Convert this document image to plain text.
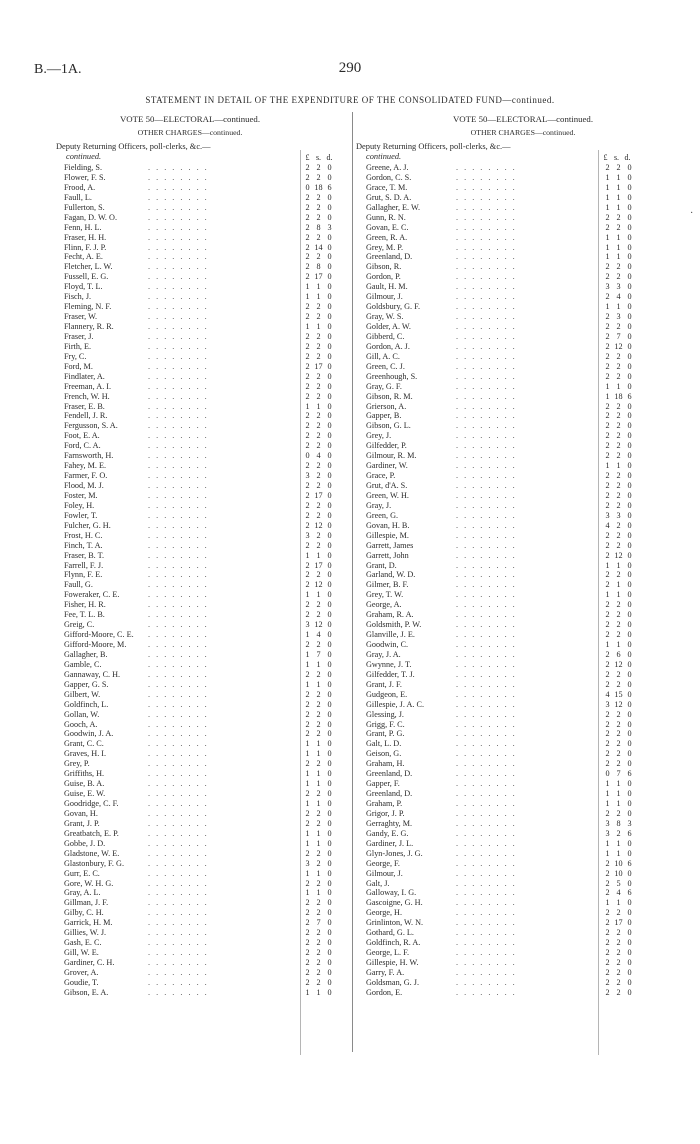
B.—1A.	290
STATEMENT IN DETAIL OF THE EXPENDITURE OF THE CONSOLIDATED FUND—continued.
VOTE 50—ELECTORAL—continued.
OTHER CHARGES—continued.
Deputy Returning Officers, poll-clerks, &c.—
continued.	£ s. d.
VOTE 50—ELECTORAL—continued.
OTHER CHARGES—continued.
Deputy Returning Officers, poll-clerks, &c.—
continued.	£ s. d.
Fielding, S.	. . . . . . . .	2 2 0
Flower, F. S.	. . . . . . . .	2 2 0
Frood, A.	. . . . . . . .	0 18 6
Faull, L.	. . . . . . . .	2 2 0
Fullerton, S.	. . . . . . . .	2 2 0
Fagan, D. W. O.	. . . . . . . .	2 2 0
Fenn, H. L.	. . . . . . . .	2 8 3
Fraser, H. H.	. . . . . . . .	2 2 0
Flinn, F. J. P.	. . . . . . . .	2 14 0
Fecht, A. E.	. . . . . . . .	2 2 0
Fletcher, L. W.	. . . . . . . .	2 8 0
Fussell, E. G.	. . . . . . . .	2 17 0
Floyd, T. L.	. . . . . . . .	1 1 0
Fisch, J.	. . . . . . . .	1 1 0
Fleming, N. F.	. . . . . . . .	2 2 0
Fraser, W.	. . . . . . . .	2 2 0
Flannery, R. R.	. . . . . . . .	1 1 0
Fraser, J.	. . . . . . . .	2 2 0
Firth, E.	. . . . . . . .	2 2 0
Fry, C.	. . . . . . . .	2 2 0
Ford, M.	. . . . . . . .	2 17 0
Findlater, A.	. . . . . . . .	2 2 0
Freeman, A. I.	. . . . . . . .	2 2 0
French, W. H.	. . . . . . . .	2 2 0
Fraser, E. B.	. . . . . . . .	1 1 0
Fendell, J. R.	. . . . . . . .	2 2 0
Fergusson, S. A.	. . . . . . . .	2 2 0
Foot, E. A.	. . . . . . . .	2 2 0
Ford, C. A.	. . . . . . . .	2 2 0
Farnsworth, H.	. . . . . . . .	0 4 0
Fahey, M. E.	. . . . . . . .	2 2 0
Farmer, F. O.	. . . . . . . .	3 2 0
Flood, M. J.	. . . . . . . .	2 2 0
Foster, M.	. . . . . . . .	2 17 0
Foley, H.	. . . . . . . .	2 2 0
Fowler, T.	. . . . . . . .	2 2 0
Fulcher, G. H.	. . . . . . . .	2 12 0
Frost, H. C.	. . . . . . . .	3 2 0
Finch, T. A.	. . . . . . . .	2 2 0
Fraser, B. T.	. . . . . . . .	1 1 0
Farrell, F. J.	. . . . . . . .	2 17 0
Flynn, F. E.	. . . . . . . .	2 2 0
Faull, G.	. . . . . . . .	2 12 0
Foweraker, C. E.	. . . . . . . .	1 1 0
Fisher, H. R.	. . . . . . . .	2 2 0
Fee, T. L. B.	. . . . . . . .	2 2 0
Greig, C.	. . . . . . . .	3 12 0
Gifford-Moore, C. E. . . . . . . . .	1 4 0
Gifford-Moore, M.	. . . . . . . .	2 2 0
Gallagher, B.	. . . . . . . .	1 7 0
Gamble, C.	. . . . . . . .	1 1 0
Gannaway, C. H.	. . . . . . . .	2 2 0
Gapper, G. S.	. . . . . . . .	1 1 0
Gilbert, W.	. . . . . . . .	2 2 0
Goldfinch, L.	. . . . . . . .	2 2 0
Gollan, W.	. . . . . . . .	2 2 0
Gooch, A.	. . . . . . . .	2 2 0
Goodwin, J. A.	. . . . . . . .	2 2 0
Grant, C. C.	. . . . . . . .	1 1 0
Graves, H. I.	. . . . . . . .	1 1 0
Grey, P.	. . . . . . . .	2 2 0
Griffiths, H.	. . . . . . . .	1 1 0
Guise, B. A.	. . . . . . . .	1 1 0
Guise, E. W.	. . . . . . . .	2 2 0
Goodridge, C. F.	. . . . . . . .	1 1 0
Govan, H.	. . . . . . . .	2 2 0
Grant, J. P.	. . . . . . . .	2 2 0
Greatbatch, E. P.	. . . . . . . .	1 1 0
Gobbe, J. D.	. . . . . . . .	1 1 0
Gladstone, W. E.	. . . . . . . .	2 2 0
Glastonbury, F. G.	. . . . . . . .	3 2 0
Gurr, E. C.	. . . . . . . .	1 1 0
Gore, W. H. G.	. . . . . . . .	2 2 0
Gray, A. L.	. . . . . . . .	1 1 0
Gillman, J. F.	. . . . . . . .	2 2 0
Gilby, C. H.	. . . . . . . .	2 2 0
Garrick, H. M.	. . . . . . . .	2 7 0
Gillies, W. J.	. . . . . . . .	2 2 0
Gash, E. C.	. . . . . . . .	2 2 0
Gill, W. E.	. . . . . . . .	2 2 0
Gardiner, C. H.	. . . . . . . .	2 2 0
Grover, A.	. . . . . . . .	2 2 0
Goudie, T.	. . . . . . . .	2 2 0
Gibson, E. A.	. . . . . . . .	1 1 0
Greene, A. J.	. . . . . . . .	2 2 0
Gordon, C. S.	. . . . . . . .	1 1 0
Grace, T. M.	. . . . . . . .	1 1 0
Grut, S. D. A.	. . . . . . . .	1 1 0
Gallagher, E. W.	. . . . . . . .	1 1 0
Gunn, R. N.	. . . . . . . .	2 2 0
Govan, E. C.	. . . . . . . .	2 2 0
Green, R. A.	. . . . . . . .	1 1 0
Grey, M. P.	. . . . . . . .	1 1 0
Greenland, D.	. . . . . . . .	1 1 0
Gibson, R.	. . . . . . . .	2 2 0
Gordon, P.	. . . . . . . .	2 2 0
Gault, H. M.	. . . . . . . .	3 3 0
Gilmour, J.	. . . . . . . .	2 4 0
Goldsbury, G. F.	. . . . . . . .	1 1 0
Gray, W. S.	. . . . . . . .	2 3 0
Golder, A. W.	. . . . . . . .	2 2 0
Gibberd, C.	. . . . . . . .	2 7 0
Gordon, A. J.	. . . . . . . .	2 12 0
Gill, A. C.	. . . . . . . .	2 2 0
Green, C. J.	. . . . . . . .	2 2 0
Greenhough, S.	. . . . . . . .	2 2 0
Gray, G. F.	. . . . . . . .	1 1 0
Gibson, R. M.	. . . . . . . .	1 18 6
Grierson, A.	. . . . . . . .	2 2 0
Gapper, B.	. . . . . . . .	2 2 0
Gibson, G. L.	. . . . . . . .	2 2 0
Grey, J.	. . . . . . . .	2 2 0
Gilfedder, P.	. . . . . . . .	2 2 0
Gilmour, R. M.	. . . . . . . .	2 2 0
Gardiner, W.	. . . . . . . .	1 1 0
Grace, P.	. . . . . . . .	2 2 0
Grut, d'A. S.	. . . . . . . .	2 2 0
Green, W. H.	. . . . . . . .	2 2 0
Gray, J.	. . . . . . . .	2 2 0
Green, G.	. . . . . . . .	3 3 0
Govan, H. B.	. . . . . . . .	4 2 0
Gillespie, M.	. . . . . . . .	2 2 0
Garrett, James	. . . . . . . .	2 2 0
Garrett, John	. . . . . . . .	2 12 0
Grant, D.	. . . . . . . .	1 1 0
Garland, W. D.	. . . . . . . .	2 2 0
Gilmer, B. F.	. . . . . . . .	2 1 0
Grey, T. W.	. . . . . . . .	1 1 0
George, A.	. . . . . . . .	2 2 0
Graham, R. A.	. . . . . . . .	2 2 0
Goldsmith, P. W.	. . . . . . . .	2 2 0
Glanville, J. E.	. . . . . . . .	2 2 0
Goodwin, C.	. . . . . . . .	1 1 0
Gray, J. A.	. . . . . . . .	2 6 0
Gwynne, J. T.	. . . . . . . .	2 12 0
Gilfedder, T. J.	. . . . . . . .	2 2 0
Grant, J. F.	. . . . . . . .	2 2 0
Gudgeon, E.	. . . . . . . .	4 15 0
Gillespie, J. A. C.	. . . . . . . .	3 12 0
Glessing, J.	. . . . . . . .	2 2 0
Grigg, F. C.	. . . . . . . .	2 2 0
Grant, P. G.	. . . . . . . .	2 2 0
Galt, L. D.	. . . . . . . .	2 2 0
Geison, G.	. . . . . . . .	2 2 0
Graham, H.	. . . . . . . .	2 2 0
Greenland, D.	. . . . . . . .	0 7 6
Gapper, F.	. . . . . . . .	1 1 0
Greenland, D.	. . . . . . . .	1 1 0
Graham, P.	. . . . . . . .	1 1 0
Grigor, J. P.	. . . . . . . .	2 2 0
Gerraghty, M.	. . . . . . . .	3 8 3
Gandy, E. G.	. . . . . . . .	3 2 6
Gardiner, J. L.	. . . . . . . .	1 1 0
Glyn-Jones, J. G.	. . . . . . . .	1 1 0
George, F.	. . . . . . . .	2 10 6
Gilmour, J.	. . . . . . . .	2 10 0
Galt, J.	. . . . . . . .	2 5 0
Galloway, I. G.	. . . . . . . .	2 4 6
Gascoigne, G. H.	. . . . . . . .	1 1 0
George, H.	. . . . . . . .	2 2 0
Grinlinton, W. N.	. . . . . . . .	2 17 0
Gothard, G. L.	. . . . . . . .	2 2 0
Goldfinch, R. A.	. . . . . . . .	2 2 0
George, L. F.	. . . . . . . .	2 2 0
Gillespie, H. W.	. . . . . . . .	2 2 0
Garry, F. A.	. . . . . . . .	2 2 0
Goldsman, G. J.	. . . . . . . .	2 2 0
Gordon, E.	. . . . . . . .	2 2 0
·
